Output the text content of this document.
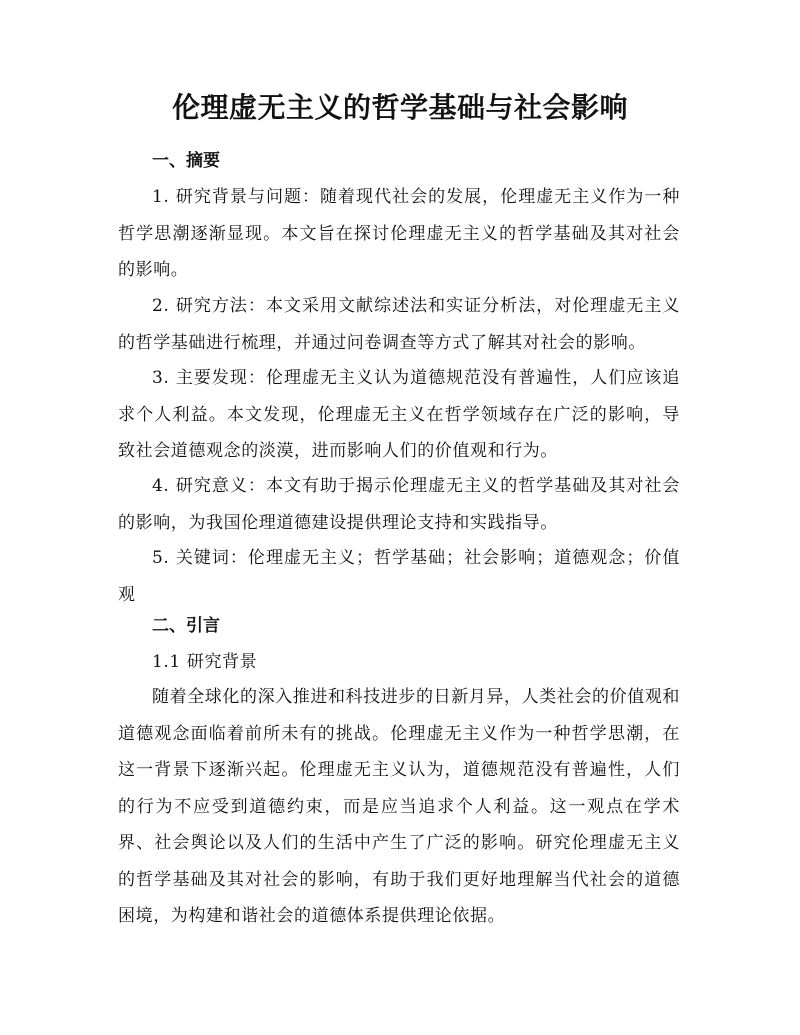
伦理虚无主义的哲学基础与社会影响
一、摘要
1. 研究背景与问题：随着现代社会的发展，伦理虚无主义作为一种哲学思潮逐渐显现。本文旨在探讨伦理虚无主义的哲学基础及其对社会的影响。
2. 研究方法：本文采用文献综述法和实证分析法，对伦理虚无主义的哲学基础进行梳理，并通过问卷调查等方式了解其对社会的影响。
3. 主要发现：伦理虚无主义认为道德规范没有普遍性，人们应该追求个人利益。本文发现，伦理虚无主义在哲学领域存在广泛的影响，导致社会道德观念的淡漠，进而影响人们的价值观和行为。
4. 研究意义：本文有助于揭示伦理虚无主义的哲学基础及其对社会的影响，为我国伦理道德建设提供理论支持和实践指导。
5. 关键词：伦理虚无主义；哲学基础；社会影响；道德观念；价值观
二、引言
1.1 研究背景
随着全球化的深入推进和科技进步的日新月异，人类社会的价值观和道德观念面临着前所未有的挑战。伦理虚无主义作为一种哲学思潮，在这一背景下逐渐兴起。伦理虚无主义认为，道德规范没有普遍性，人们的行为不应受到道德约束，而是应当追求个人利益。这一观点在学术界、社会舆论以及人们的生活中产生了广泛的影响。研究伦理虚无主义的哲学基础及其对社会的影响，有助于我们更好地理解当代社会的道德困境，为构建和谐社会的道德体系提供理论依据。
